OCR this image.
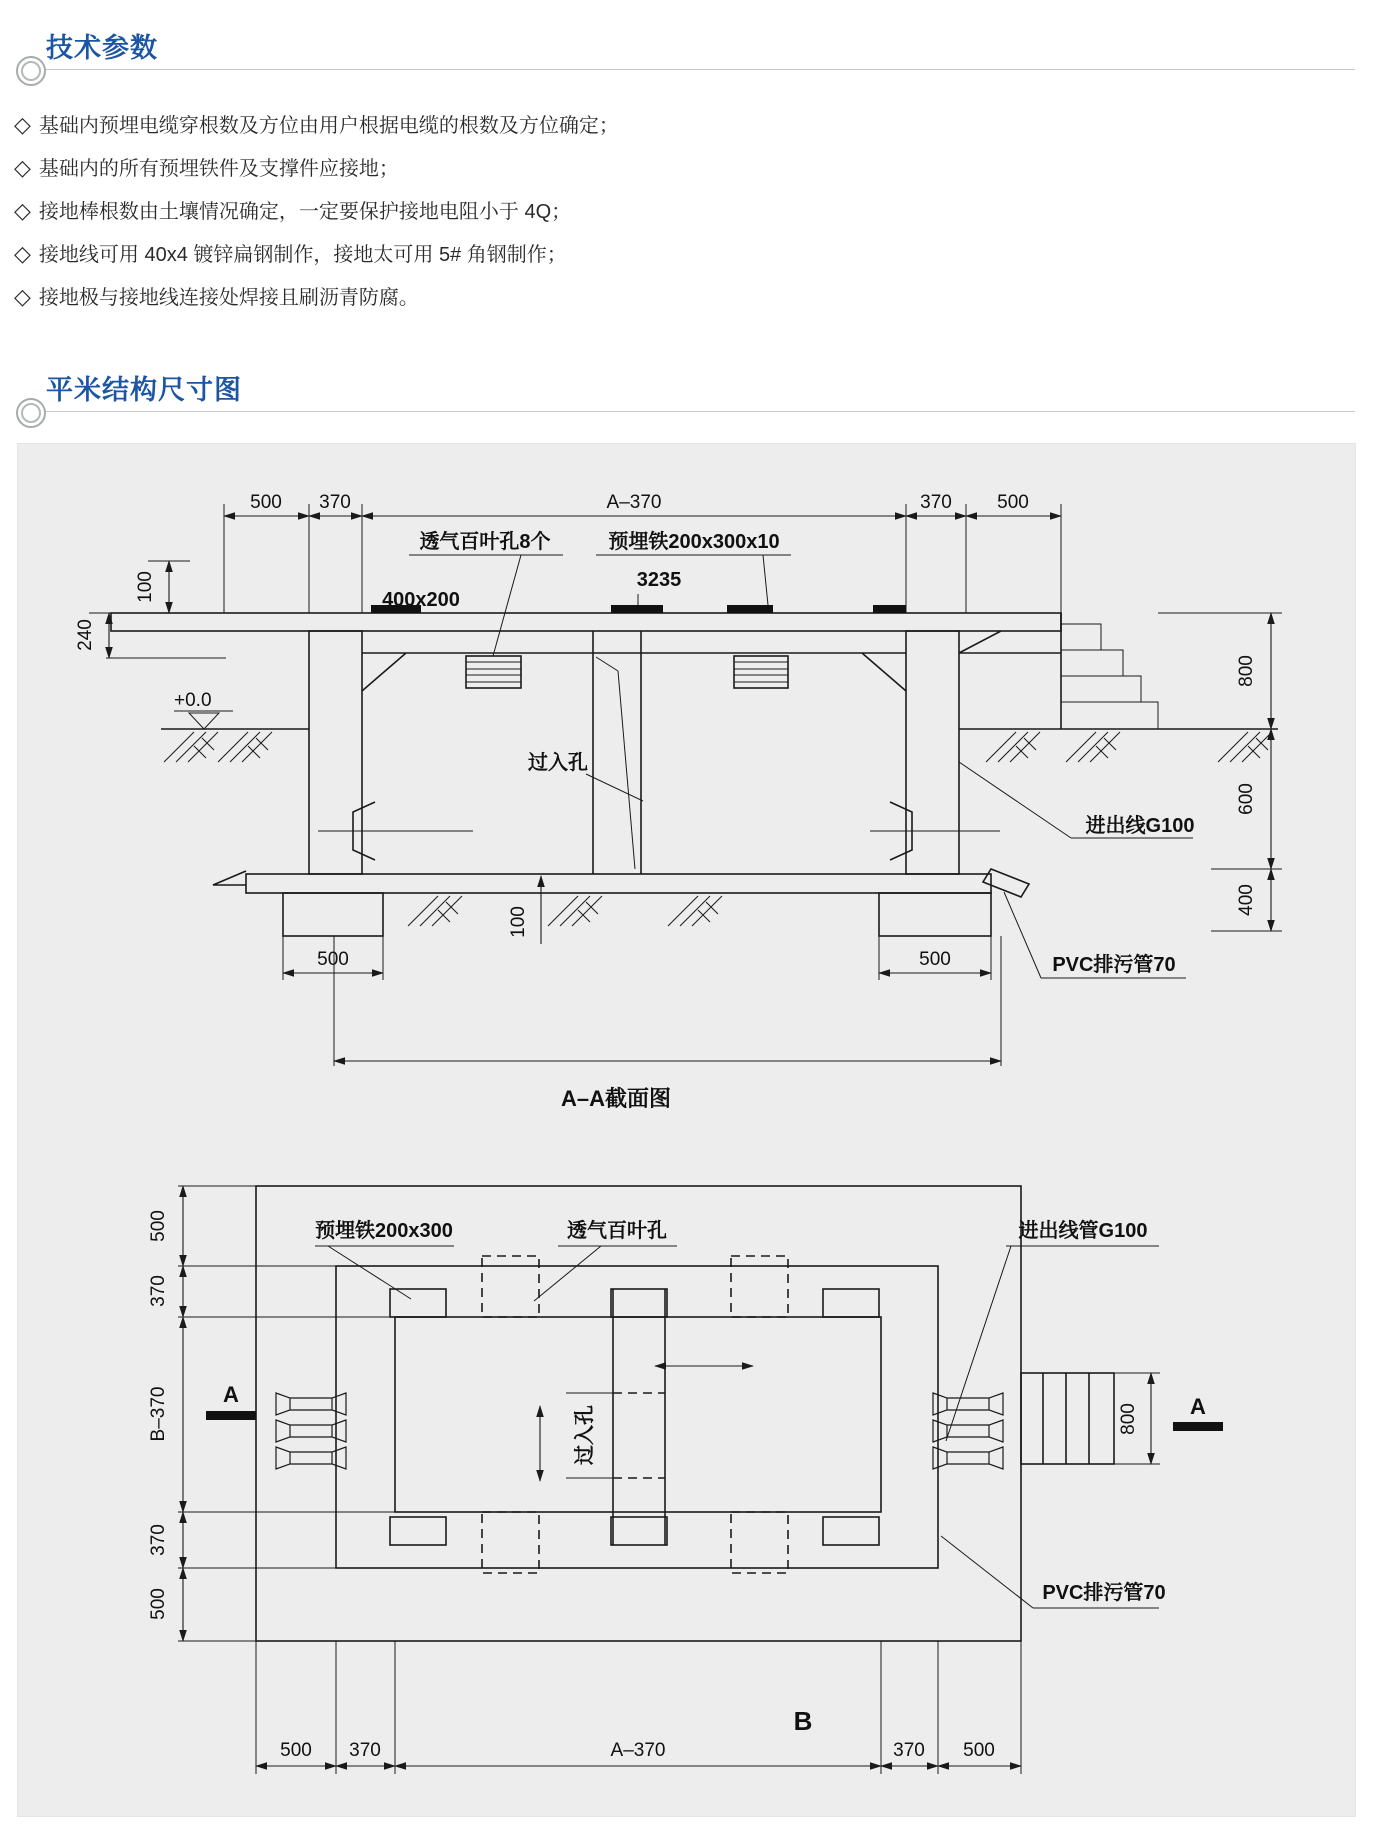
技术参数
◇ 基础内预埋电缆穿根数及方位由用户根据电缆的根数及方位确定；
◇ 基础内的所有预埋铁件及支撑件应接地；
◇ 接地棒根数由土壤情况确定，一定要保护接地电阻小于 4Q；
◇ 接地线可用 40x4 镀锌扁钢制作，接地太可用 5# 角钢制作；
◇ 接地极与接地线连接处焊接且刷沥青防腐。
平米结构尺寸图
500 370	A–370	370 500
100
240
+0.0
800
600
400
500	500
100
透气百叶孔8个	预埋铁200x300x10
3235
400x200
过入孔
进出线G100
PVC排污管70
A–A截面图
过入孔	800
A	A
500
370
B–370
370
500
500 370	A–370	370 500
预埋铁200x300	透气百叶孔	进出线管G100
PVC排污管70
B
